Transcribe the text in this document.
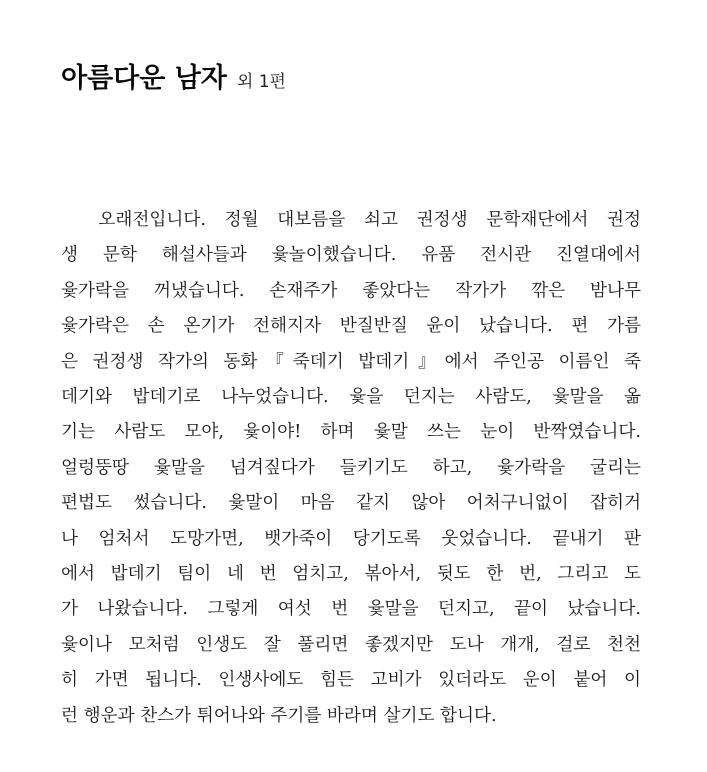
아름다운 남자 외 1편
오래전입니다. 정월 대보름을 쇠고 권정생 문학재단에서 권정
생 문학 해설사들과 윷놀이했습니다. 유품 전시관 진열대에서
윷가락을 꺼냈습니다. 손재주가 좋았다는 작가가 깎은 밤나무
윷가락은 손 온기가 전해지자 반질반질 윤이 났습니다. 편 가름
은 권정생 작가의 동화『죽데기 밥데기』에서 주인공 이름인 죽
데기와 밥데기로 나누었습니다. 윷을 던지는 사람도, 윷말을 옮
기는 사람도 모야, 윷이야! 하며 윷말 쓰는 눈이 반짝였습니다.
얼렁뚱땅 윷말을 넘겨짚다가 들키기도 하고, 윷가락을 굴리는
편법도 썼습니다. 윷말이 마음 같지 않아 어처구니없이 잡히거
나 엄처서 도망가면, 뱃가죽이 당기도록 웃었습니다. 끝내기 판
에서 밥데기 팀이 네 번 엄치고, 볶아서, 뒷도 한 번, 그리고 도
가 나왔습니다. 그렇게 여섯 번 윷말을 던지고, 끝이 났습니다.
윷이나 모처럼 인생도 잘 풀리면 좋겠지만 도나 개개, 걸로 천천
히 가면 됩니다. 인생사에도 힘든 고비가 있더라도 운이 붙어 이
런 행운과 찬스가 튀어나와 주기를 바라며 살기도 합니다.
